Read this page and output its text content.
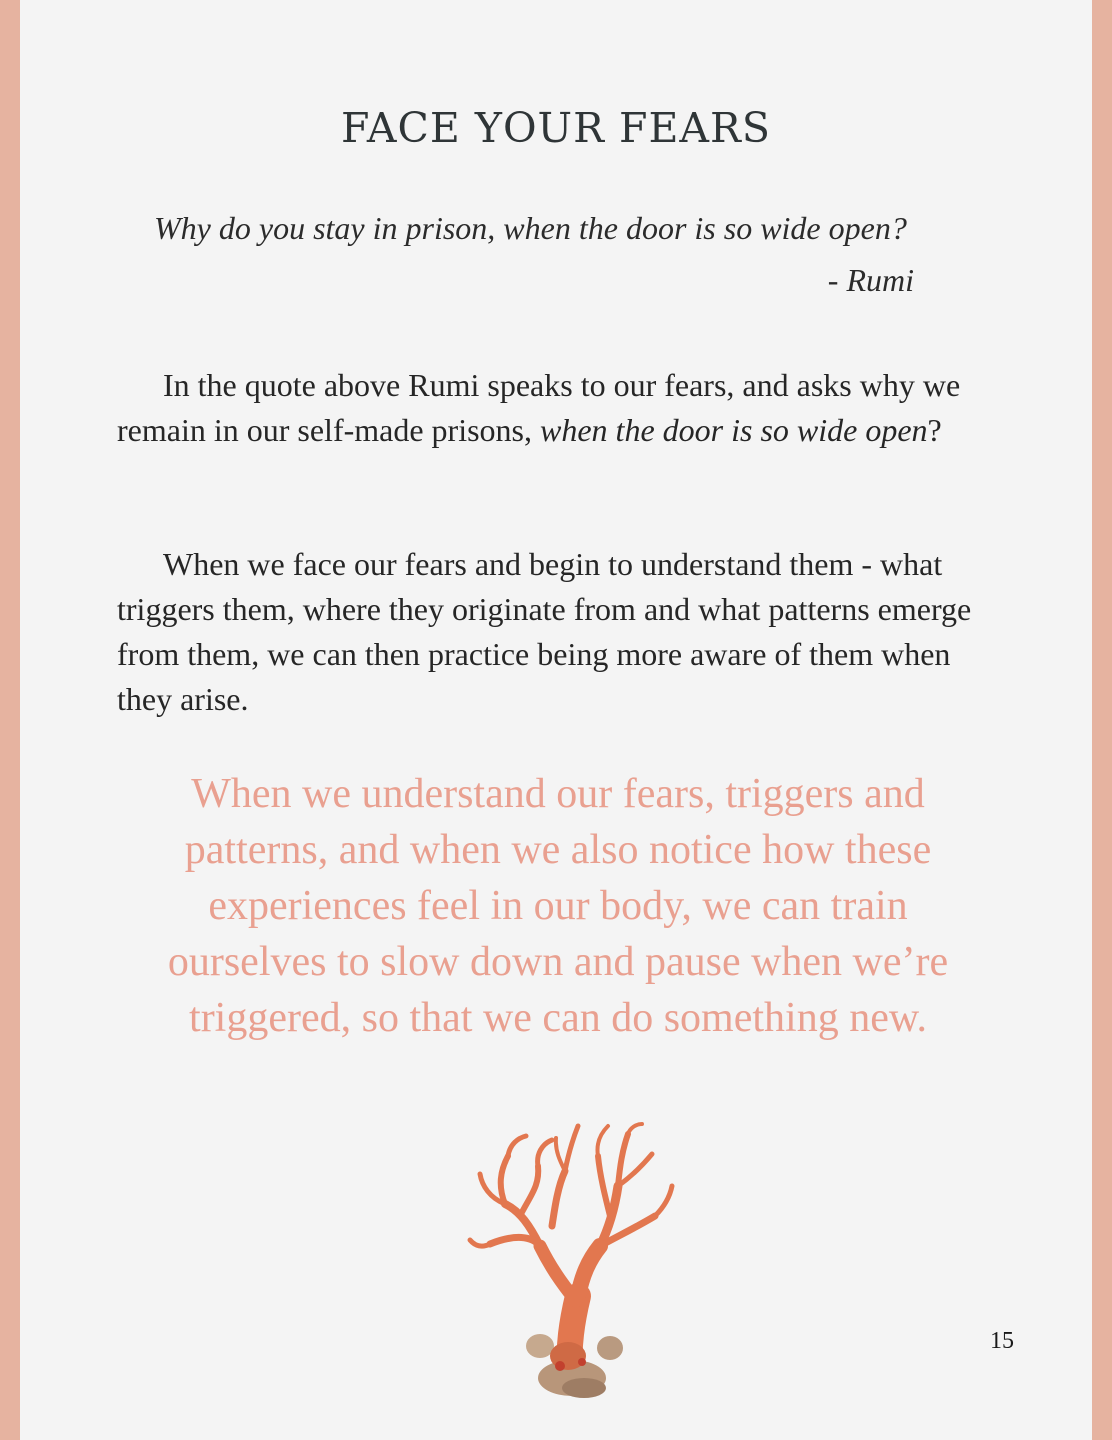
FACE YOUR FEARS

Why do you stay in prison, when the door is so wide open?

- Rumi

In the quote above Rumi speaks to our fears, and asks why we remain in our self-made prisons, when the door is so wide open?

When we face our fears and begin to understand them - what triggers them, where they originate from and what patterns emerge from them, we can then practice being more aware of them when they arise.

When we understand our fears, triggers and patterns, and when we also notice how these experiences feel in our body, we can train ourselves to slow down and pause when we’re triggered, so that we can do something new.

15
